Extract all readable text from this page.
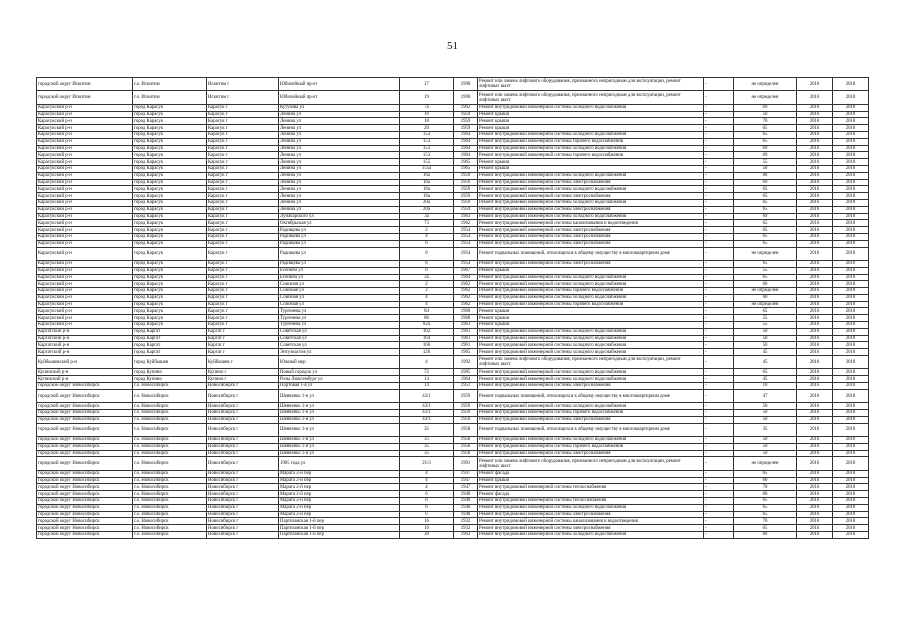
51
городской округ Искитим	г.о. Искитим	Искитим г	Юбилейный пр-кт	17	1990	Ремонт или замена лифтового оборудования, признанного непригодным для эксплуатации, ремонт лифтовых шахт	-	не определен	2016	2018
городской округ Искитим	г.о. Искитим	Искитим г	Юбилейный пр-кт	19	1990	Ремонт или замена лифтового оборудования, признанного непригодным для эксплуатации, ремонт лифтовых шахт	-	не определен	2016	2018
Карасукский р-н	город Карасук	Карасук г	Кутузова ул	7а	1962	Ремонт внутридомовой инженерной системы холодного водоснабжения	-	69	2016	2018
Карасукский р-н	город Карасук	Карасук г	Ленина ул	16	1959	Ремонт крыши	-	50	2016	2018
Карасукский р-н	город Карасук	Карасук г	Ленина ул	18	1959	Ремонт крыши	-	70	2016	2018
Карасукский р-н	город Карасук	Карасук г	Ленина ул	20	1959	Ремонт крыши	-	65	2016	2018
Карасукский р-н	город Карасук	Карасук г	Ленина ул	153	1964	Ремонт внутридомовой инженерной системы холодного водоснабжения	-	65	2016	2018
Карасукский р-н	город Карасук	Карасук г	Ленина ул	153	1964	Ремонт внутридомовой инженерной системы горячего водоснабжения	-	65	2016	2018
Карасукский р-н	город Карасук	Карасук г	Ленина ул	153	1964	Ремонт внутридомовой инженерной системы холодного водоснабжения	-	69	2016	2018
Карасукский р-н	город Карасук	Карасук г	Ленина ул	153	1964	Ремонт внутридомовой инженерной системы горячего водоснабжения	-	69	2016	2018
Карасукский р-н	город Карасук	Карасук г	Ленина ул	155	1965	Ремонт крыши	-	55	2016	2018
Карасукский р-н	город Карасук	Карасук г	Ленина ул	155а	1965	Ремонт крыши	-	50	2016	2018
Карасукский р-н	город Карасук	Карасук г	Ленина ул	16а	1959	Ремонт внутридомовой инженерной системы холодного водоснабжения	-	80	2016	2018
Карасукский р-н	город Карасук	Карасук г	Ленина ул	16а	1959	Ремонт внутридомовой инженерной системы электроснабжения	-	69	2016	2018
Карасукский р-н	город Карасук	Карасук г	Ленина ул	18а	1959	Ремонт внутридомовой инженерной системы холодного водоснабжения	-	65	2016	2018
Карасукский р-н	город Карасук	Карасук г	Ленина ул	18а	1959	Ремонт внутридомовой инженерной системы электроснабжения	-	65	2016	2018
Карасукский р-н	город Карасук	Карасук г	Ленина ул	20а	1959	Ремонт внутридомовой инженерной системы холодного водоснабжения	-	65	2016	2018
Карасукский р-н	город Карасук	Карасук г	Ленина ул	20а	1959	Ремонт внутридомовой инженерной системы электроснабжения	-	65	2016	2018
Карасукский р-н	город Карасук	Карасук г	Луначарского ул	3а	1963	Ремонт внутридомовой инженерной системы холодного водоснабжения	-	69	2016	2018
Карасукский р-н	город Карасук	Карасук г	Октябрьская ул	73	1962	Ремонт внутридомовой инженерной системы канализования и водоотведения	-	65	2016	2018
Карасукский р-н	город Карасук	Карасук г	Радищева ул	2	1954	Ремонт внутридомовой инженерной системы электроснабжения	-	65	2016	2018
Карасукский р-н	город Карасук	Карасук г	Радищева ул	4	1954	Ремонт внутридомовой инженерной системы электроснабжения	-	65	2016	2018
Карасукский р-н	город Карасук	Карасук г	Радищева ул	6	1954	Ремонт внутридомовой инженерной системы электроснабжения	-	65	2016	2018
Карасукский р-н	город Карасук	Карасук г	Радищева ул	8	1954	Ремонт подвальных помещений, относящихся к общему имуществу в многоквартирном доме	-	не определен	2016	2018
Карасукский р-н	город Карасук	Карасук г	Радищева ул	8	1954	Ремонт внутридомовой инженерной системы электроснабжения	-	65	2016	2018
Карасукский р-н	город Карасук	Карасук г	Есенина ул	6	1967	Ремонт крыши	-	55	2016	2018
Карасукский р-н	город Карасук	Карасук г	Есенина ул	2а	1964	Ремонт внутридомовой инженерной системы холодного водоснабжения	-	65	2016	2018
Карасукский р-н	город Карасук	Карасук г	Союзная ул	2	1962	Ремонт внутридомовой инженерной системы холодного водоснабжения	-	60	2016	2018
Карасукский р-н	город Карасук	Карасук г	Союзная ул	2	1962	Ремонт внутридомовой инженерной системы горячего водоснабжения	-	не определен	2016	2018
Карасукский р-н	город Карасук	Карасук г	Союзная ул	4	1962	Ремонт внутридомовой инженерной системы холодного водоснабжения	-	60	2016	2018
Карасукский р-н	город Карасук	Карасук г	Союзная ул	4	1962	Ремонт внутридомовой инженерной системы горячего водоснабжения	-	не определен	2016	2018
Карасукский р-н	город Карасук	Карасук г	Тургенева ул	84	1968	Ремонт крыши	-	65	2016	2018
Карасукский р-н	город Карасук	Карасук г	Тургенева ул	86	1968	Ремонт крыши	-	55	2016	2018
Карасукский р-н	город Карасук	Карасук г	Тургенева ул	82а	1963	Ремонт крыши	-	55	2016	2018
Каргатский р-н	город Каргат	Каргат г	Советская ул	162	1961	Ремонт внутридомовой инженерной системы холодного водоснабжения	-	50	2016	2018
Каргатский р-н	город Каргат	Каргат г	Советская ул	164	1961	Ремонт внутридомовой инженерной системы холодного водоснабжения	-	50	2016	2018
Каргатский р-н	город Каргат	Каргат г	Советская ул	166	1961	Ремонт внутридомовой инженерной системы холодного водоснабжения	-	50	2016	2018
Каргатский р-н	город Каргат	Каргат г	Энтузиастов ул	120	1965	Ремонт внутридомовой инженерной системы холодного водоснабжения	-	45	2016	2018
Куйбышевский р-н	город Куйбышев	Куйбышев г	Южный мкр	4	1992	Ремонт или замена лифтового оборудования, признанного непригодным для эксплуатации, ремонт лифтовых шахт	-	45	2016	2018
Купинский р-н	город Купино	Купино г	Новый городок ул	72	1985	Ремонт внутридомовой инженерной системы холодного водоснабжения	-	65	2016	2018
Купинский р-н	город Купино	Купино г	Розы Люксембург ул	14	1964	Ремонт внутридомовой инженерной системы холодного водоснабжения	-	45	2016	2018
городской округ Новосибирск	г.о. Новосибирск	Новосибирск г	Портовая 1-я ул	14	1951	Ремонт внутридомовой инженерной системы электроснабжения	-	10	2016	2018
городской округ Новосибирск	г.о. Новосибирск	Новосибирск г	Шевченко 1-я ул	43/1	1959	Ремонт подвальных помещений, относящихся к общему имуществу в многоквартирном доме	-	47	2016	2018
городской округ Новосибирск	г.о. Новосибирск	Новосибирск г	Шевченко 1-я ул	43/1	1959	Ремонт внутридомовой инженерной системы холодного водоснабжения	-	50	2016	2018
городской округ Новосибирск	г.о. Новосибирск	Новосибирск г	Шевченко 1-я ул	43/1	1959	Ремонт внутридомовой инженерной системы горячего водоснабжения	-	50	2016	2018
городской округ Новосибирск	г.о. Новосибирск	Новосибирск г	Шевченко 1-я ул	43/1	1959	Ремонт внутридомовой инженерной системы электроснабжения	-	50	2016	2018
городской округ Новосибирск	г.о. Новосибирск	Новосибирск г	Шевченко 1-я ул	35	1958	Ремонт подвальных помещений, относящихся к общему имуществу в многоквартирном доме	-	35	2016	2018
городской округ Новосибирск	г.о. Новосибирск	Новосибирск г	Шевченко 1-я ул	35	1958	Ремонт внутридомовой инженерной системы холодного водоснабжения	-	50	2016	2018
городской округ Новосибирск	г.о. Новосибирск	Новосибирск г	Шевченко 1-я ул	35	1958	Ремонт внутридомовой инженерной системы горячего водоснабжения	-	50	2016	2018
городской округ Новосибирск	г.о. Новосибирск	Новосибирск г	Шевченко 1-я ул	35	1958	Ремонт внутридомовой инженерной системы электроснабжения	-	50	2016	2018
городской округ Новосибирск	г.о. Новосибирск	Новосибирск г	1905 года ул	21/3	1991	Ремонт или замена лифтового оборудования, признанного непригодным для эксплуатации, ремонт лифтовых шахт	-	не определен	2016	2018
городской округ Новосибирск	г.о. Новосибирск	Новосибирск г	Марата 2-й пер	4	1947	Ремонт фасада	-	65	2016	2018
городской округ Новосибирск	г.о. Новосибирск	Новосибирск г	Марата 2-й пер	4	1947	Ремонт крыши	-	60	2016	2018
городской округ Новосибирск	г.о. Новосибирск	Новосибирск г	Марата 2-й пер	4	1947	Ремонт внутридомовой инженерной системы теплоснабжения	-	70	2016	2018
городской округ Новосибирск	г.о. Новосибирск	Новосибирск г	Марата 2-й пер	6	1948	Ремонт фасада	-	60	2016	2018
городской округ Новосибирск	г.о. Новосибирск	Новосибирск г	Марата 2-й пер	6	1948	Ремонт внутридомовой инженерной системы теплоснабжения	-	65	2016	2018
городской округ Новосибирск	г.о. Новосибирск	Новосибирск г	Марата 2-й пер	6	1948	Ремонт внутридомовой инженерной системы холодного водоснабжения	-	65	2016	2018
городской округ Новосибирск	г.о. Новосибирск	Новосибирск г	Марата 2-й пер	6	1948	Ремонт внутридомовой инженерной системы электроснабжения	-	65	2016	2018
городской округ Новосибирск	г.о. Новосибирск	Новосибирск г	Партизанская 1-й пер	16	1932	Ремонт внутридомовой инженерной системы канализования и водоотведения	-	70	2016	2018
городской округ Новосибирск	г.о. Новосибирск	Новосибирск г	Партизанская 1-й пер	16	1932	Ремонт внутридомовой инженерной системы электроснабжения	-	65	2016	2018
городской округ Новосибирск	г.о. Новосибирск	Новосибирск г	Партизанская 1-й пер	30	1963	Ремонт внутридомовой инженерной системы холодного водоснабжения	-	60	2016	2018
